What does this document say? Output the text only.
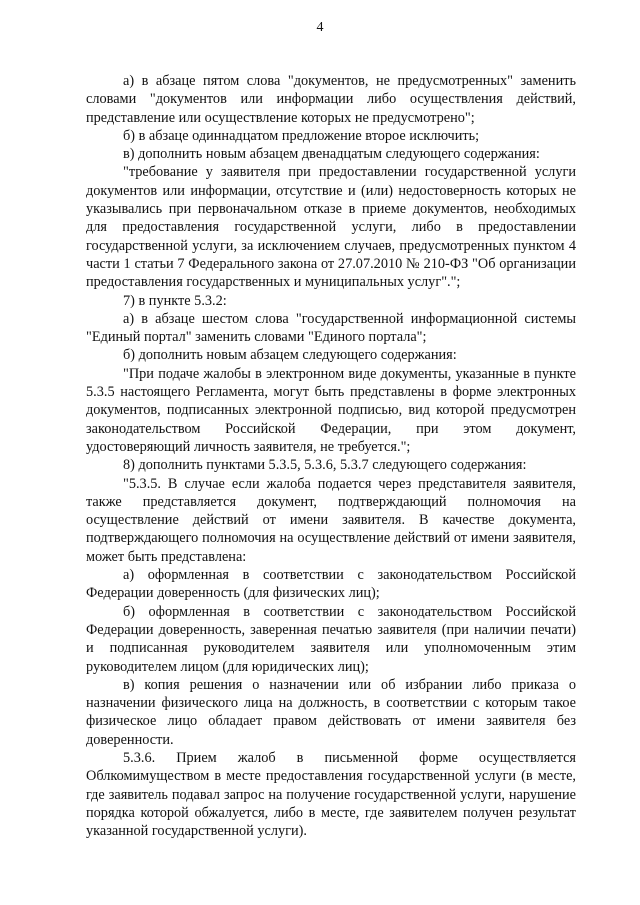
4

а) в абзаце пятом слова "документов, не предусмотренных" заменить словами "документов или информации либо осуществления действий, представление или осуществление которых не предусмотрено";

б) в абзаце одиннадцатом предложение второе исключить;

в) дополнить новым абзацем двенадцатым следующего содержания:

"требование у заявителя при предоставлении государственной услуги документов или информации, отсутствие и (или) недостоверность которых не указывались при первоначальном отказе в приеме документов, необходимых для предоставления государственной услуги, либо в предоставлении государственной услуги, за исключением случаев, предусмотренных пунктом 4 части 1 статьи 7 Федерального закона от 27.07.2010 № 210-ФЗ "Об организации предоставления государственных и муниципальных услуг".";

7) в пункте 5.3.2:

а) в абзаце шестом слова "государственной информационной системы "Единый портал" заменить словами "Единого портала";

б) дополнить новым абзацем следующего содержания:

"При подаче жалобы в электронном виде документы, указанные в пункте 5.3.5 настоящего Регламента, могут быть представлены в форме электронных документов, подписанных электронной подписью, вид которой предусмотрен законодательством Российской Федерации, при этом документ, удостоверяющий личность заявителя, не требуется.";

8) дополнить пунктами 5.3.5, 5.3.6, 5.3.7 следующего содержания:

"5.3.5. В случае если жалоба подается через представителя заявителя, также представляется документ, подтверждающий полномочия на осуществление действий от имени заявителя. В качестве документа, подтверждающего полномочия на осуществление действий от имени заявителя, может быть представлена:

а) оформленная в соответствии с законодательством Российской Федерации доверенность (для физических лиц);

б) оформленная в соответствии с законодательством Российской Федерации доверенность, заверенная печатью заявителя (при наличии печати) и подписанная руководителем заявителя или уполномоченным этим руководителем лицом (для юридических лиц);

в) копия решения о назначении или об избрании либо приказа о назначении физического лица на должность, в соответствии с которым такое физическое лицо обладает правом действовать от имени заявителя без доверенности.

5.3.6. Прием жалоб в письменной форме осуществляется Облкомимуществом в месте предоставления государственной услуги (в месте, где заявитель подавал запрос на получение государственной услуги, нарушение порядка которой обжалуется, либо в месте, где заявителем получен результат указанной государственной услуги).
